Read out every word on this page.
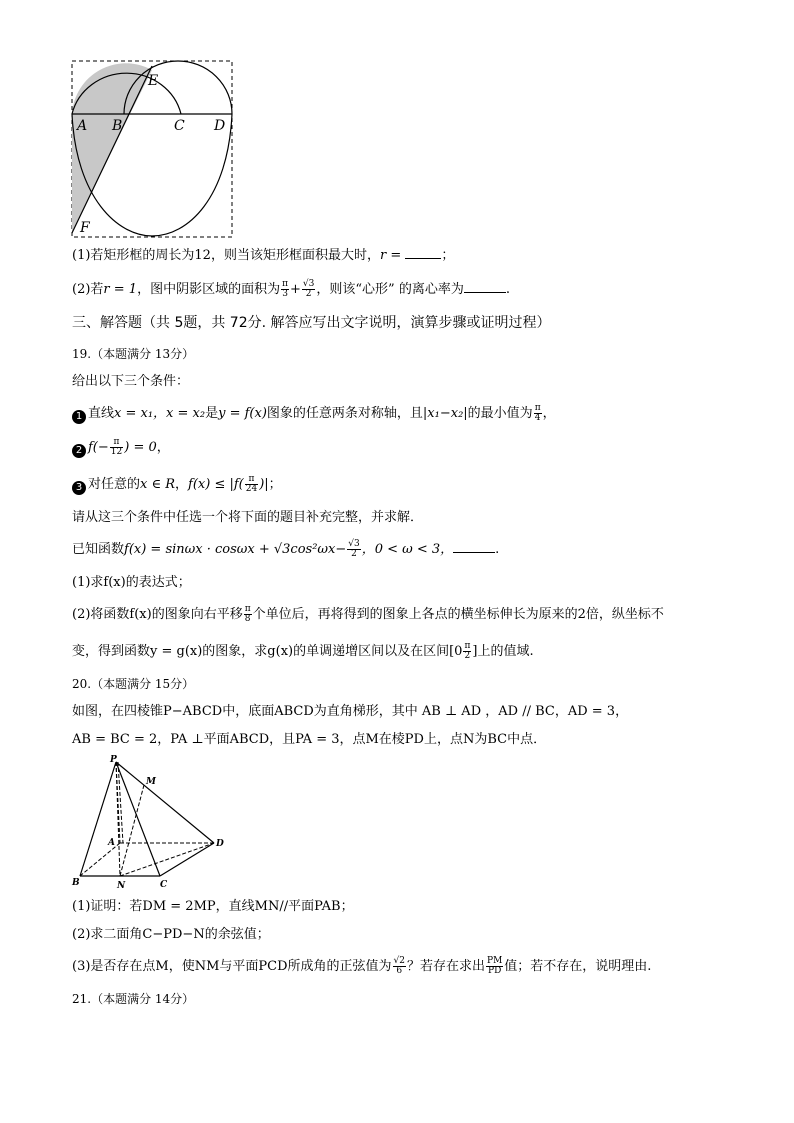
A B	C D
E
F
(1)若矩形框的周长为12，则当该矩形框面积最大时，r =	；
(2)若r = 1，图中阴影区域的面积为 $\frac{\pi}{3} + \frac{√3}{2}$ ，则该“心形” 的离心率为	.
三、解答题（共 5题，共 72分. 解答应写出文字说明，演算步骤或证明过程）
19.（本题满分 13分）
给出以下三个条件：
1 直线x = x₁，x = x₂是y = f(x)图象的任意两条对称轴，且|x₁−x₂|的最小值为 $\frac{\pi}{4}$ ，
2 $f(- \frac{\pi}{12}$ ) = 0，
3 对任意的x ∈ R，$f(x) \le |f( \frac{\pi}{24}$ )|；
请从这三个条件中任选一个将下面的题目补充完整，并求解．
已知函数$f(x) = \sin\omega x \cdot \cos\omega x + √3\cos^2\omega x- \frac{√3}{2}$ ，0 < ω < 3，	.
(1)求f(x)的表达式；
(2)将函数f(x)的图象向右平移 $\frac{\pi}{8}$ 个单位后，再将得到的图象上各点的横坐标伸长为原来的2倍，纵坐标不
变，得到函数y = g(x)的图象，求g(x)的单调递增区间以及在区间[$0 \frac{\pi}{2}$ ]上的值域.
20.（本题满分 15分）
如图，在四棱锥P−ABCD中，底面ABCD为直角梯形，其中 AB ⊥ AD ，AD // BC，AD = 3，
AB = BC = 2，PA ⊥平面ABCD，且PA = 3，点M在棱PD上，点N为BC中点．
P
M
A	D
B	N	C
(1)证明：若DM = 2MP，直线MN//平面PAB；
(2)求二面角C−PD−N的余弦值；
(3)是否存在点M，使NM与平面PCD所成角的正弦值为 $\frac{√2}{6}$ ？若存在求出 $\frac{PM}{PD}$ 值；若不存在，说明理由.
21.（本题满分 14分）
